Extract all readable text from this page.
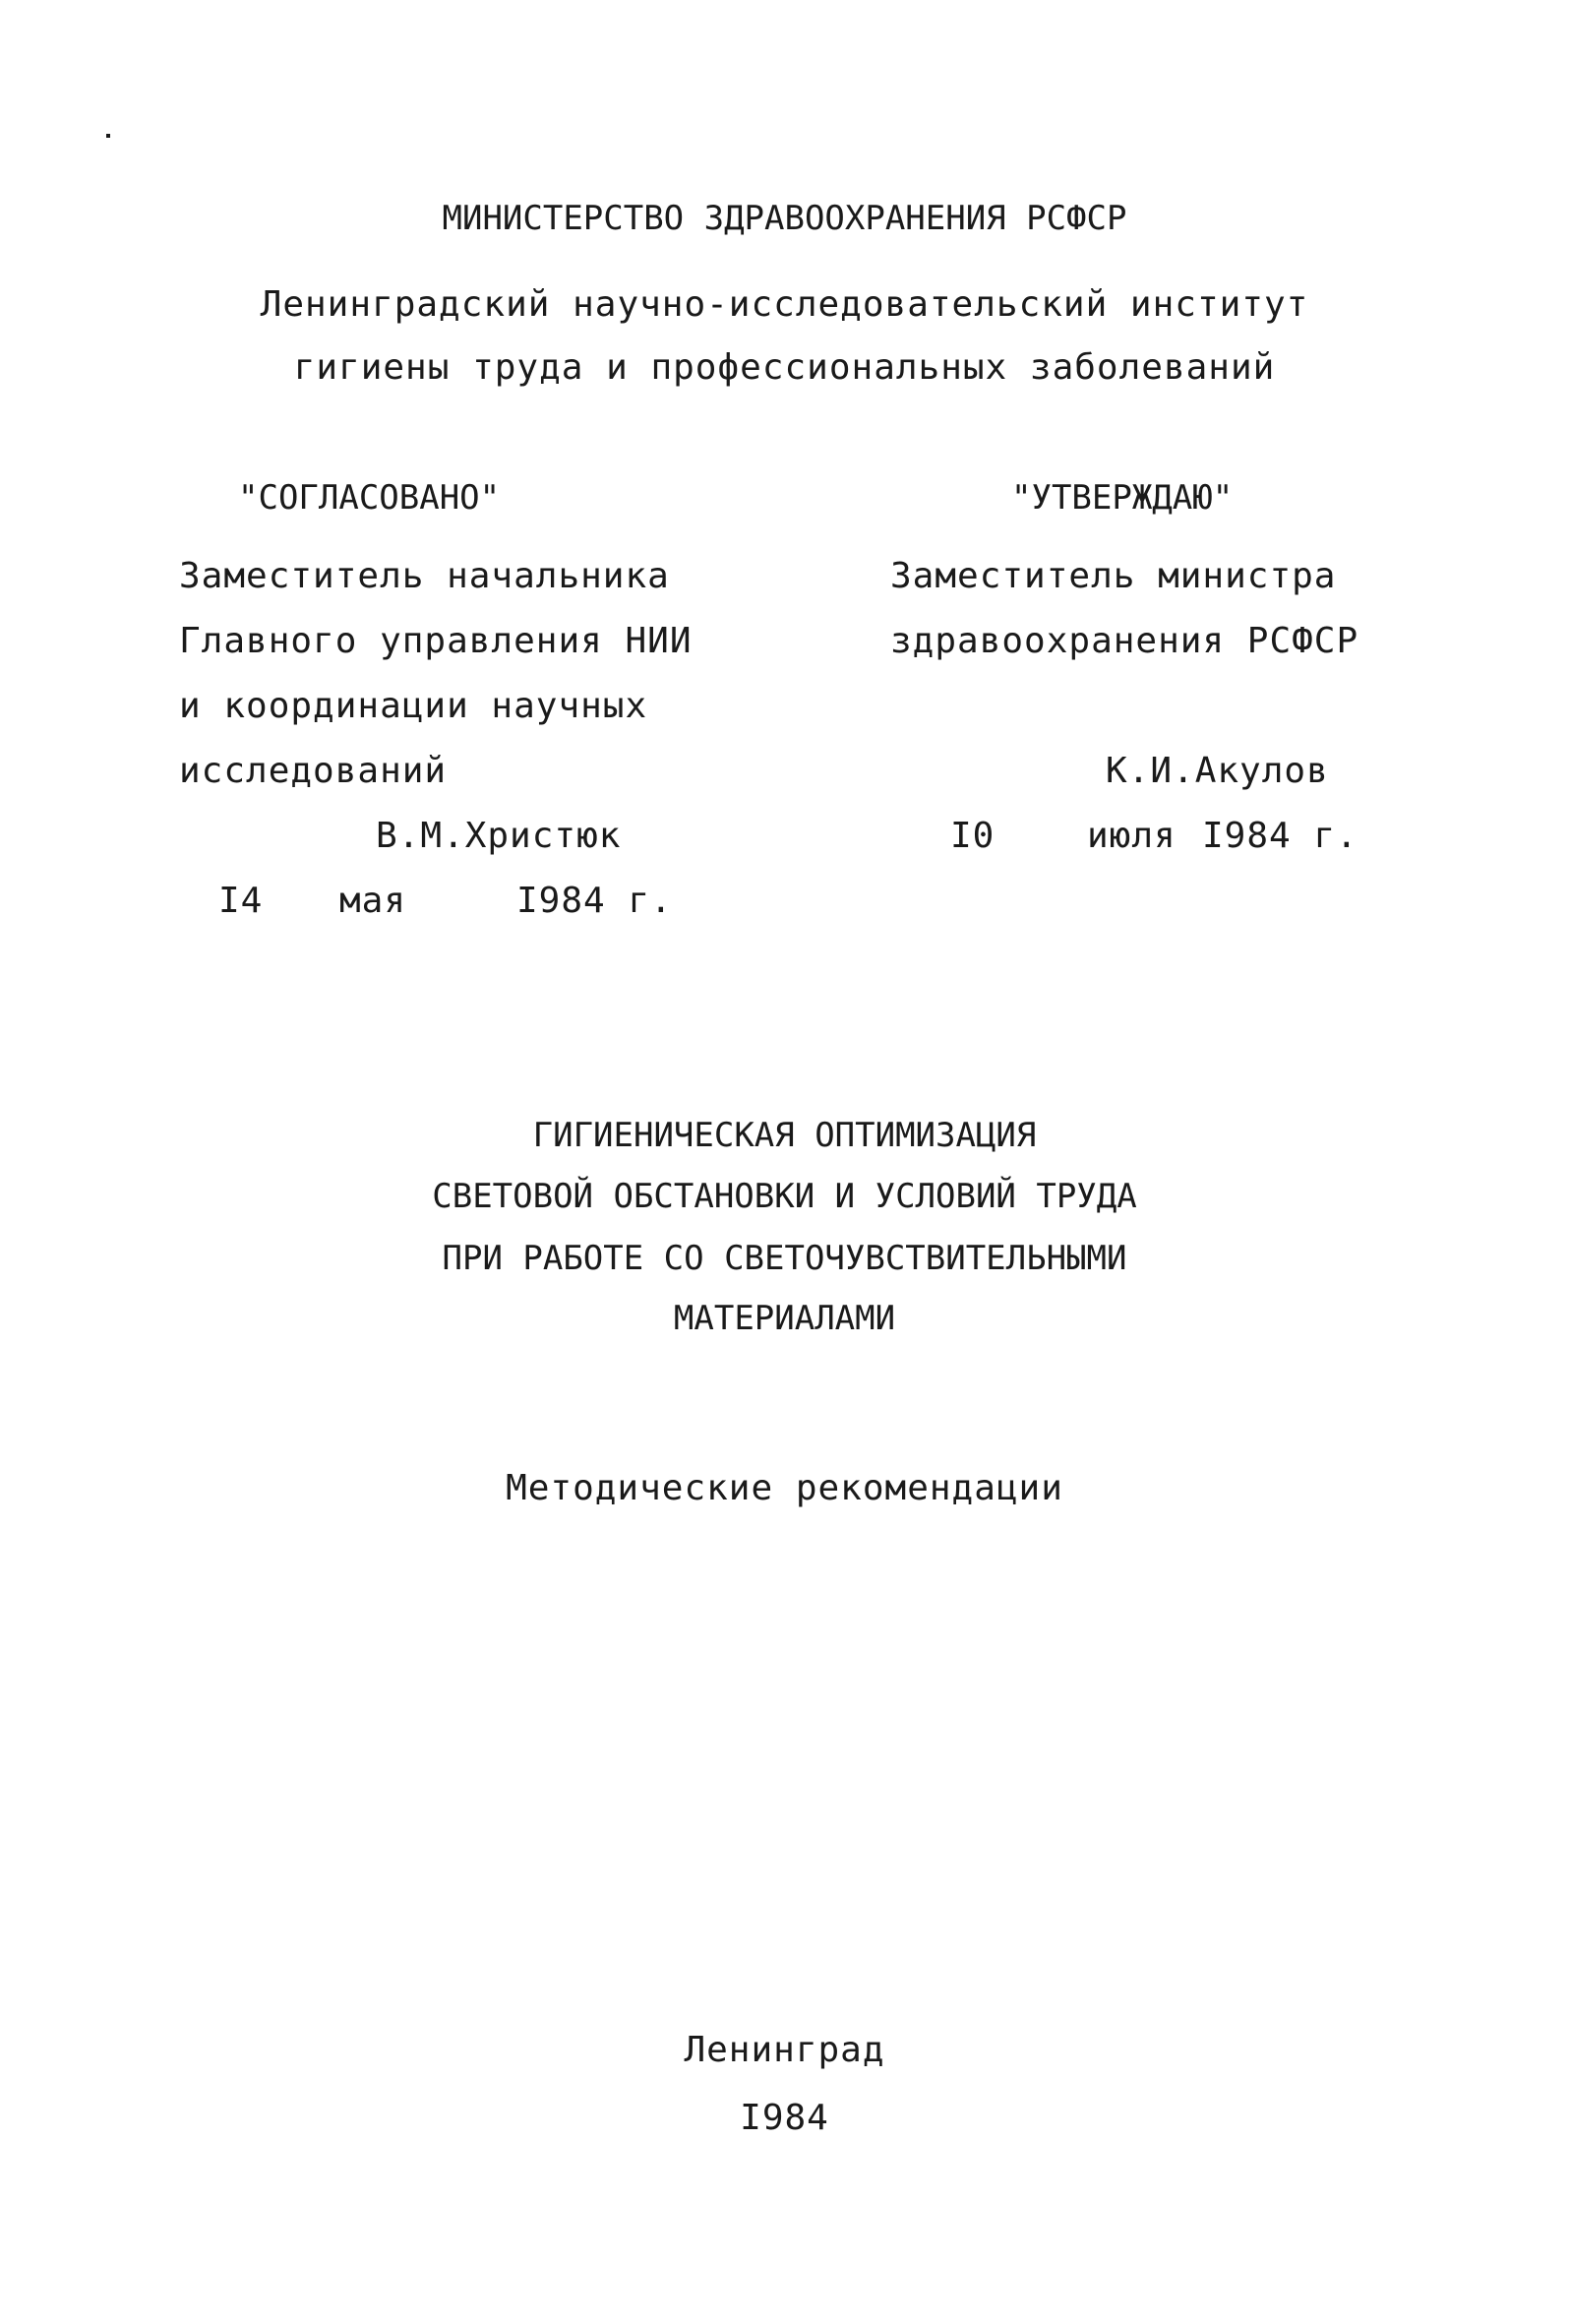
МИНИСТЕРСТВО ЗДРАВООХРАНЕНИЯ РСФСР
Ленинградский научно-исследовательский институт
гигиены труда и профессиональных заболеваний
"СОГЛАСОВАНО"
Заместитель начальника
Главного управления НИИ
и координации научных
исследований
В.М.Христюк
I4 мая	I984 г.
"УТВЕРЖДАЮ"
Заместитель министра
здравоохранения РСФСР
К.И.Акулов
I0	июля I984 г.
ГИГИЕНИЧЕСКАЯ ОПТИМИЗАЦИЯ
СВЕТОВОЙ ОБСТАНОВКИ И УСЛОВИЙ ТРУДА
ПРИ РАБОТЕ СО СВЕТОЧУВСТВИТЕЛЬНЫМИ
МАТЕРИАЛАМИ
Методические рекомендации
Ленинград
I984
